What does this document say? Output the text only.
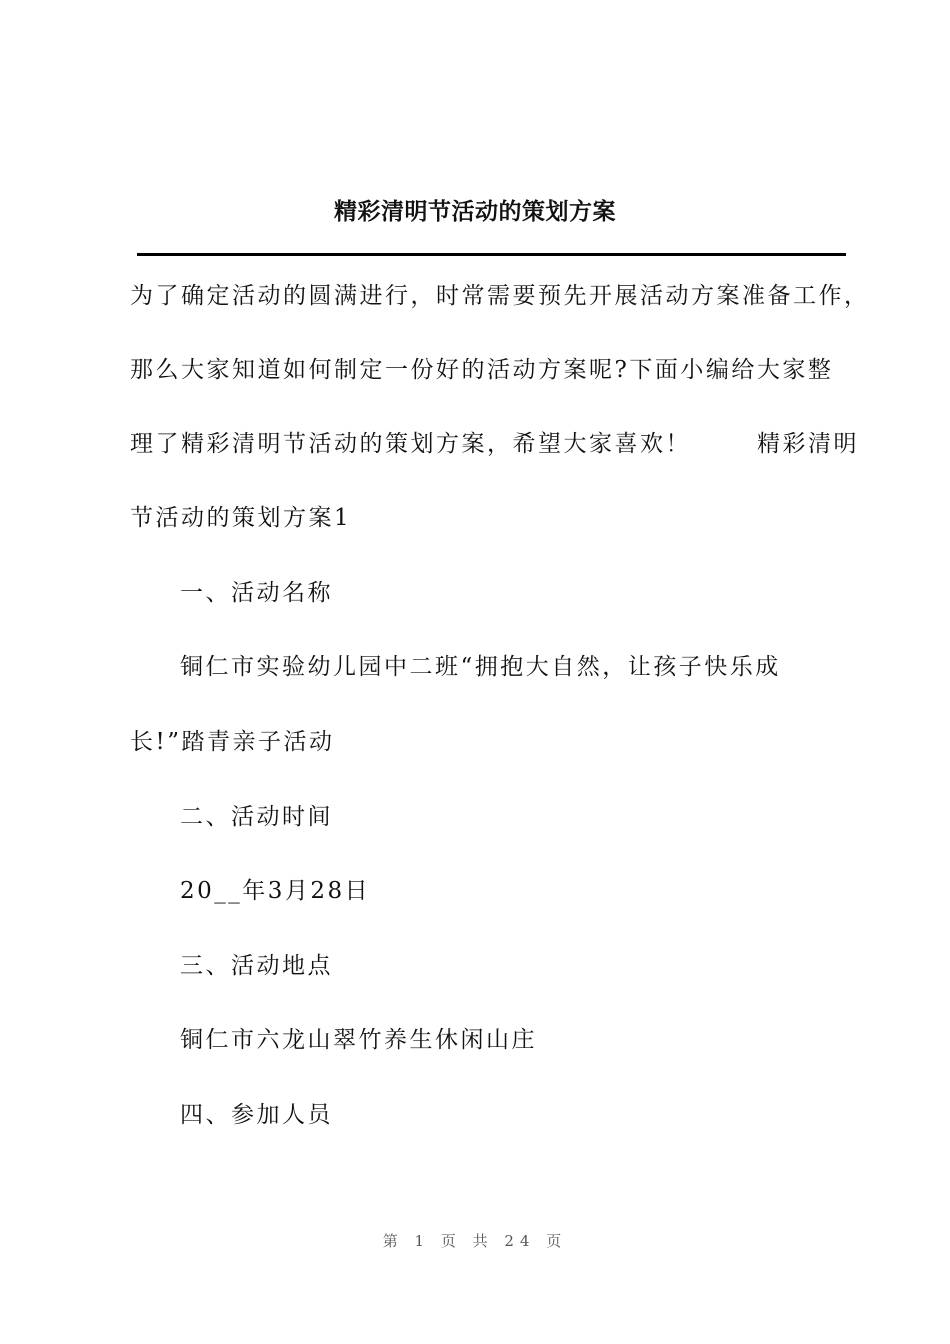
精彩清明节活动的策划方案
为了确定活动的圆满进行，时常需要预先开展活动方案准备工作，
那么大家知道如何制定一份好的活动方案呢?下面小编给大家整
理了精彩清明节活动的策划方案，希望大家喜欢！	精彩清明
节活动的策划方案1
一、活动名称
铜仁市实验幼儿园中二班“拥抱大自然，让孩子快乐成
长!”踏青亲子活动
二、活动时间
20__年3月28日
三、活动地点
铜仁市六龙山翠竹养生休闲山庄
四、参加人员
第 1 页 共 24 页
